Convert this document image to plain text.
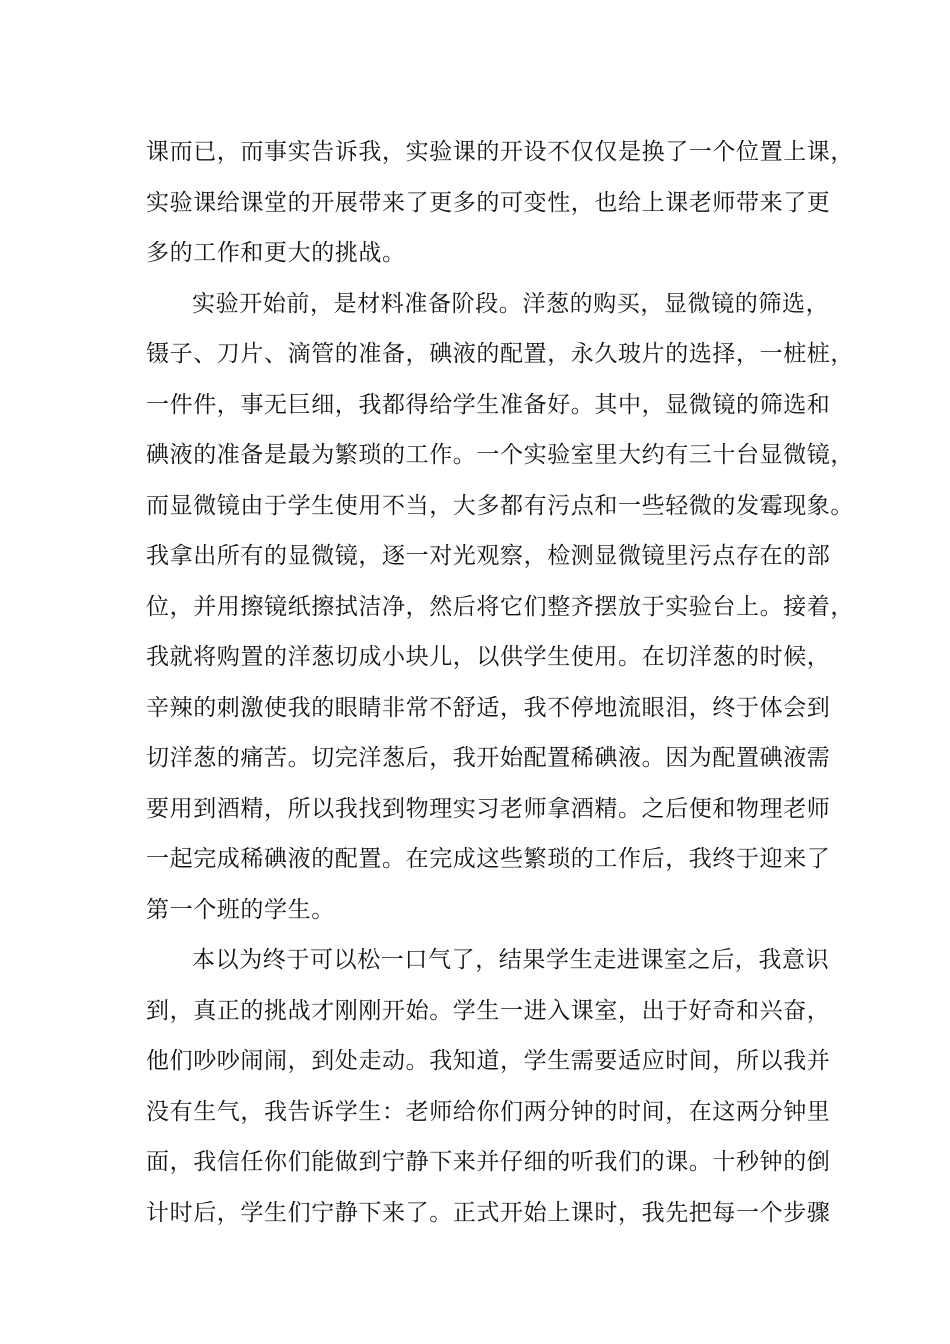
课而已，而事实告诉我，实验课的开设不仅仅是换了一个位置上课，
实验课给课堂的开展带来了更多的可变性，也给上课老师带来了更
多的工作和更大的挑战。
实验开始前，是材料准备阶段。洋葱的购买，显微镜的筛选，
镊子、刀片、滴管的准备，碘液的配置，永久玻片的选择，一桩桩，
一件件，事无巨细，我都得给学生准备好。其中，显微镜的筛选和
碘液的准备是最为繁琐的工作。一个实验室里大约有三十台显微镜，
而显微镜由于学生使用不当，大多都有污点和一些轻微的发霉现象。
我拿出所有的显微镜，逐一对光观察，检测显微镜里污点存在的部
位，并用擦镜纸擦拭洁净，然后将它们整齐摆放于实验台上。接着，
我就将购置的洋葱切成小块儿，以供学生使用。在切洋葱的时候，
辛辣的刺激使我的眼睛非常不舒适，我不停地流眼泪，终于体会到
切洋葱的痛苦。切完洋葱后，我开始配置稀碘液。因为配置碘液需
要用到酒精，所以我找到物理实习老师拿酒精。之后便和物理老师
一起完成稀碘液的配置。在完成这些繁琐的工作后，我终于迎来了
第一个班的学生。
本以为终于可以松一口气了，结果学生走进课室之后，我意识
到，真正的挑战才刚刚开始。学生一进入课室，出于好奇和兴奋，
他们吵吵闹闹，到处走动。我知道，学生需要适应时间，所以我并
没有生气，我告诉学生：老师给你们两分钟的时间，在这两分钟里
面，我信任你们能做到宁静下来并仔细的听我们的课。十秒钟的倒
计时后，学生们宁静下来了。正式开始上课时，我先把每一个步骤
